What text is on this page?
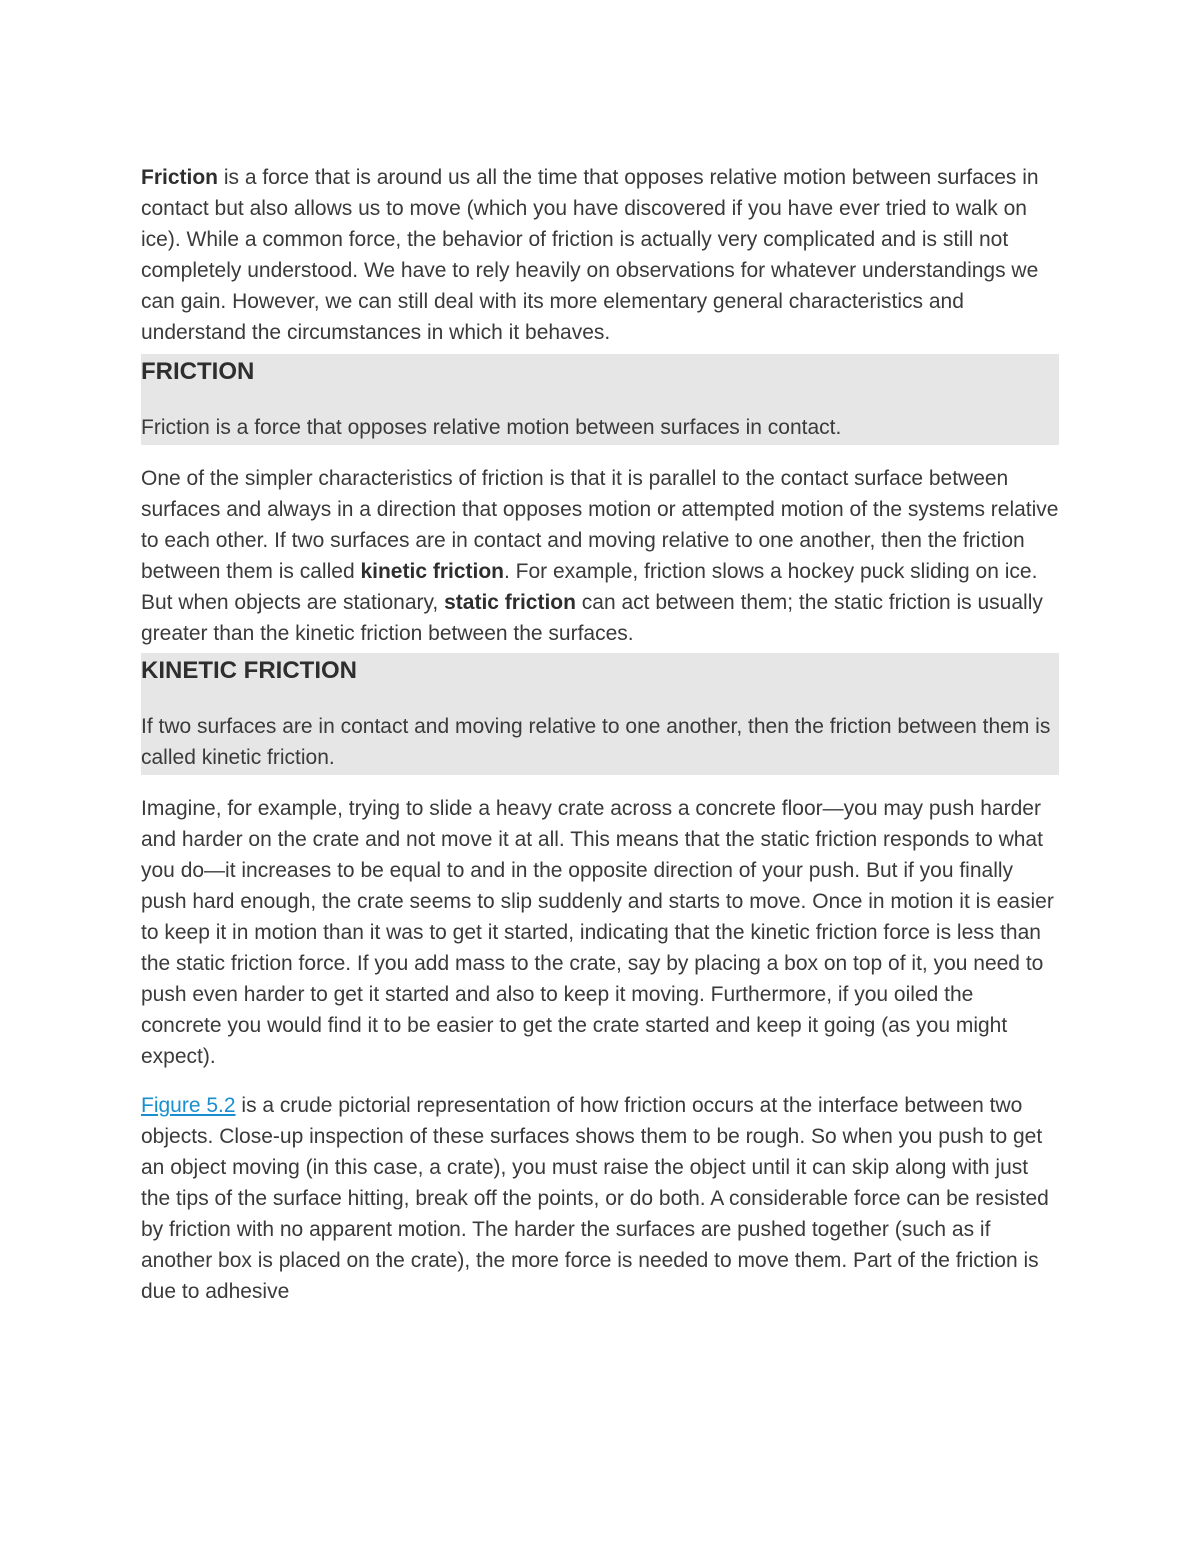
Friction is a force that is around us all the time that opposes relative motion between surfaces in contact but also allows us to move (which you have discovered if you have ever tried to walk on ice). While a common force, the behavior of friction is actually very complicated and is still not completely understood. We have to rely heavily on observations for whatever understandings we can gain. However, we can still deal with its more elementary general characteristics and understand the circumstances in which it behaves.

FRICTION

Friction is a force that opposes relative motion between surfaces in contact.

One of the simpler characteristics of friction is that it is parallel to the contact surface between surfaces and always in a direction that opposes motion or attempted motion of the systems relative to each other. If two surfaces are in contact and moving relative to one another, then the friction between them is called kinetic friction. For example, friction slows a hockey puck sliding on ice. But when objects are stationary, static friction can act between them; the static friction is usually greater than the kinetic friction between the surfaces.

KINETIC FRICTION

If two surfaces are in contact and moving relative to one another, then the friction between them is called kinetic friction.

Imagine, for example, trying to slide a heavy crate across a concrete floor—you may push harder and harder on the crate and not move it at all. This means that the static friction responds to what you do—it increases to be equal to and in the opposite direction of your push. But if you finally push hard enough, the crate seems to slip suddenly and starts to move. Once in motion it is easier to keep it in motion than it was to get it started, indicating that the kinetic friction force is less than the static friction force. If you add mass to the crate, say by placing a box on top of it, you need to push even harder to get it started and also to keep it moving. Furthermore, if you oiled the concrete you would find it to be easier to get the crate started and keep it going (as you might expect).

Figure 5.2 is a crude pictorial representation of how friction occurs at the interface between two objects. Close-up inspection of these surfaces shows them to be rough. So when you push to get an object moving (in this case, a crate), you must raise the object until it can skip along with just the tips of the surface hitting, break off the points, or do both. A considerable force can be resisted by friction with no apparent motion. The harder the surfaces are pushed together (such as if another box is placed on the crate), the more force is needed to move them. Part of the friction is due to adhesive
